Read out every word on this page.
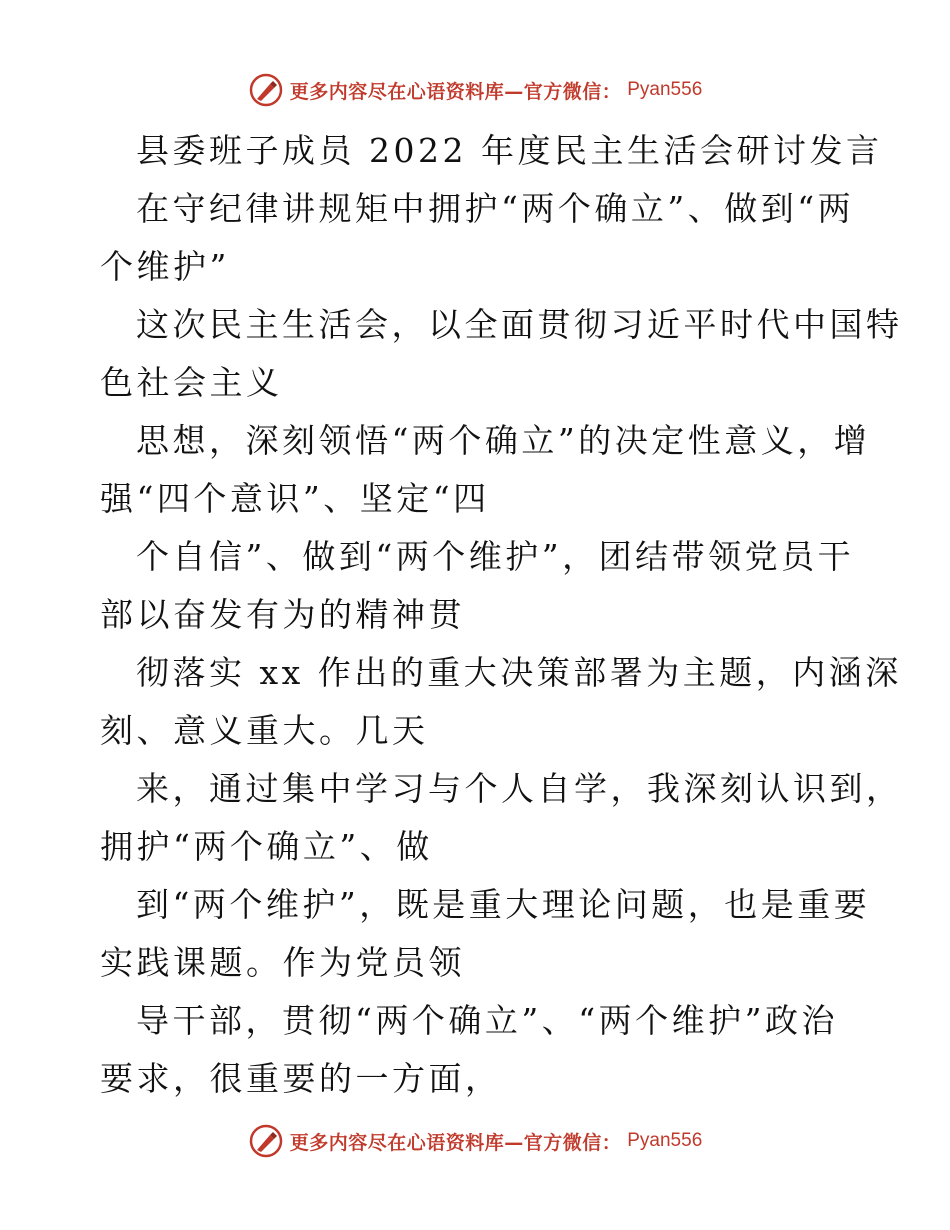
更多内容尽在心语资料库—官方微信： Pyan556
县委班子成员 2022 年度民主生活会研讨发言
在守纪律讲规矩中拥护“两个确立”、做到“两
个维护”
这次民主生活会，以全面贯彻习近平时代中国特
色社会主义
思想，深刻领悟“两个确立”的决定性意义，增
强“四个意识”、坚定“四
个自信”、做到“两个维护”，团结带领党员干
部以奋发有为的精神贯
彻落实 xx 作出的重大决策部署为主题，内涵深
刻、意义重大。几天
来，通过集中学习与个人自学，我深刻认识到，
拥护“两个确立”、做
到“两个维护”，既是重大理论问题，也是重要
实践课题。作为党员领
导干部，贯彻“两个确立”、“两个维护”政治
要求，很重要的一方面，
更多内容尽在心语资料库—官方微信： Pyan556
